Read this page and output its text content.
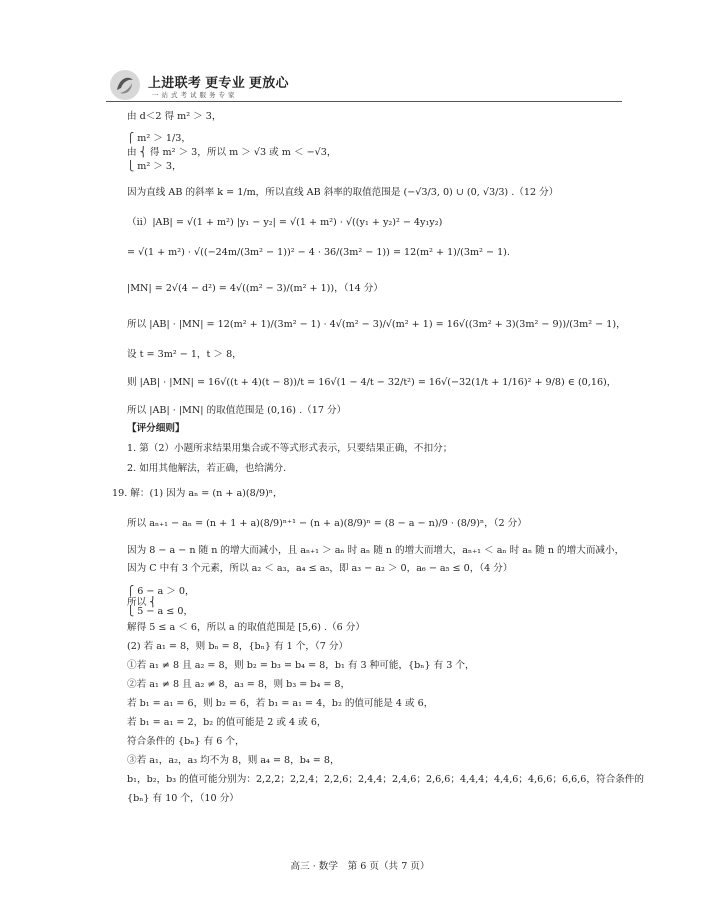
上进联考 更专业 更放心
一站式考试服务专家
由 d＜2 得 m² ＞ 3，
⎧ m² ＞ 1/3，
由 ⎨ 得 m² ＞ 3，所以 m ＞ √3 或 m ＜ −√3，
⎩ m² ＞ 3，
因为直线 AB 的斜率 k = 1/m，所以直线 AB 斜率的取值范围是 (−√3/3, 0) ∪ (0, √3/3) .（12 分）
（ⅱ）|AB| = √(1 + m²) |y₁ − y₂| = √(1 + m²) · √((y₁ + y₂)² − 4y₁y₂)
= √(1 + m²) · √((−24m/(3m² − 1))² − 4 · 36/(3m² − 1)) = 12(m² + 1)/(3m² − 1).
|MN| = 2√(4 − d²) = 4√((m² − 3)/(m² + 1))，（14 分）
所以 |AB| · |MN| = 12(m² + 1)/(3m² − 1) · 4√(m² − 3)/√(m² + 1) = 16√((3m² + 3)(3m² − 9))/(3m² − 1)，
设 t = 3m² − 1，t ＞ 8，
则 |AB| · |MN| = 16√((t + 4)(t − 8))/t = 16√(1 − 4/t − 32/t²) = 16√(−32(1/t + 1/16)² + 9/8) ∈ (0,16)，
所以 |AB| · |MN| 的取值范围是 (0,16) .（17 分）
【评分细则】
1. 第（2）小题所求结果用集合或不等式形式表示，只要结果正确，不扣分；
2. 如用其他解法，若正确，也给满分.
19. 解：(1) 因为 aₙ = (n + a)(8/9)ⁿ，
所以 aₙ₊₁ − aₙ = (n + 1 + a)(8/9)ⁿ⁺¹ − (n + a)(8/9)ⁿ = (8 − a − n)/9 · (8/9)ⁿ，（2 分）
因为 8 − a − n 随 n 的增大而减小，且 aₙ₊₁ ＞ aₙ 时 aₙ 随 n 的增大而增大，aₙ₊₁ ＜ aₙ 时 aₙ 随 n 的增大而减小，
因为 C 中有 3 个元素，所以 a₂ ＜ a₃，a₄ ≤ a₅，即 a₃ − a₂ ＞ 0，a₆ − a₅ ≤ 0，（4 分）
⎧ 6 − a ＞ 0，
所以 ⎨
⎩ 5 − a ≤ 0，
解得 5 ≤ a ＜ 6，所以 a 的取值范围是 [5,6) .（6 分）
(2) 若 a₁ = 8，则 bₙ = 8，{bₙ} 有 1 个，（7 分）
①若 a₁ ≠ 8 且 a₂ = 8，则 b₂ = b₃ = b₄ = 8，b₁ 有 3 种可能，{bₙ} 有 3 个，
②若 a₁ ≠ 8 且 a₂ ≠ 8，a₃ = 8，则 b₃ = b₄ = 8，
若 b₁ = a₁ = 6，则 b₂ = 6，若 b₁ = a₁ = 4，b₂ 的值可能是 4 或 6，
若 b₁ = a₁ = 2，b₂ 的值可能是 2 或 4 或 6，
符合条件的 {bₙ} 有 6 个，
③若 a₁，a₂，a₃ 均不为 8，则 a₄ = 8，b₄ = 8，
b₁，b₂，b₃ 的值可能分别为：2,2,2；2,2,4；2,2,6；2,4,4；2,4,6；2,6,6；4,4,4；4,4,6；4,6,6；6,6,6，符合条件的
{bₙ} 有 10 个，（10 分）
高三 · 数学　第 6 页（共 7 页）
